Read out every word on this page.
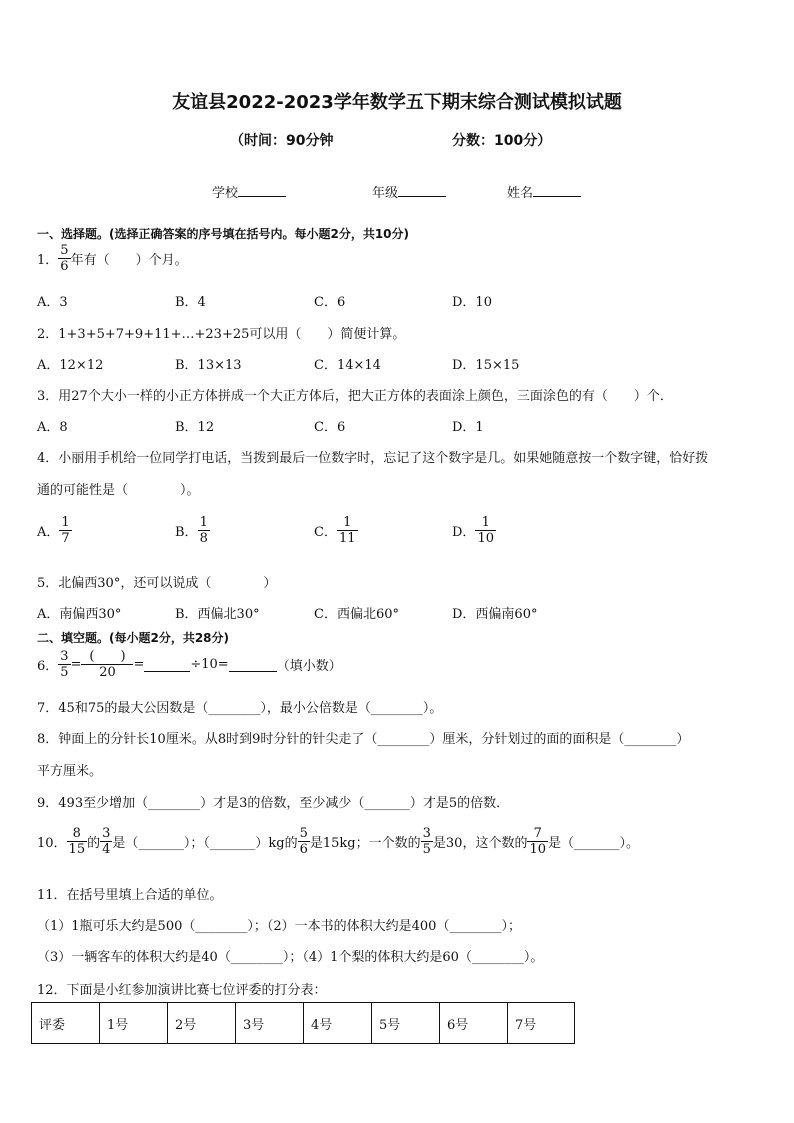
友谊县2022-2023学年数学五下期末综合测试模拟试题
（时间：90分钟	分数：100分）
学校	年级	姓名
一、选择题。(选择正确答案的序号填在括号内。每小题2分，共10分)
1． $\frac{5}{6}$ 年有（　　）个月。
A．3	B．4	C．6	D．10
2．1+3+5+7+9+11+…+23+25可以用（　　）简便计算。
A．12×12	B．13×13	C．14×14	D．15×15
3．用27个大小一样的小正方体拼成一个大正方体后，把大正方体的表面涂上颜色，三面涂色的有（　　）个．
A．8	B．12	C．6	D．1
4．小丽用手机给一位同学打电话，当拨到最后一位数字时，忘记了这个数字是几。如果她随意按一个数字键，恰好拨
通的可能性是（　　　　）。
A． $\frac{1}{7}$	B． $\frac{1}{8}$	C． $\frac{1}{11}$	D． $\frac{1}{10}$
5．北偏西30°，还可以说成（　　　　）
A．南偏西30°	B．西偏北30°	C．西偏北60°	D．西偏南60°
二、填空题。(每小题2分，共28分)
6． $\frac{3}{5} = \frac{( )}{20}$ =	÷10=	（填小数）
7．45和75的最大公因数是（________），最小公倍数是（________）。
8．钟面上的分针长10厘米。从8时到9时分针的针尖走了（________）厘米，分针划过的面的面积是（________）
平方厘米。
9．493至少增加（________）才是3的倍数，至少减少（_______）才是5的倍数．
10． $\frac{8}{15}$ 的 $\frac{3}{4}$ 是（_______）；（_______）kg的 $\frac{5}{6}$ 是15kg；一个数的 $\frac{3}{5}$ 是30，这个数的 $\frac{7}{10}$ 是（_______）。
11．在括号里填上合适的单位。
（1）1瓶可乐大约是500（________）；（2）一本书的体积大约是400（________）；
（3）一辆客车的体积大约是40（________）；（4）1个梨的体积大约是60（________）。
12．下面是小红参加演讲比赛七位评委的打分表：
评委	1号	2号	3号	4号	5号	6号	7号
